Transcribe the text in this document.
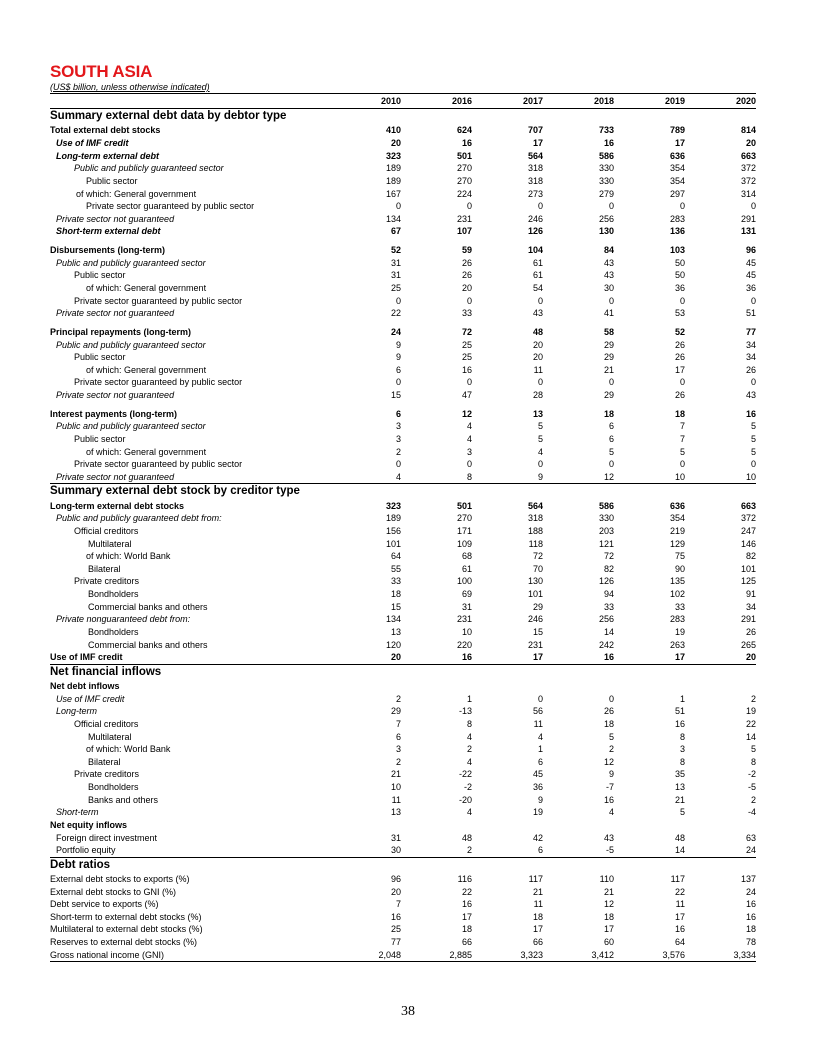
SOUTH ASIA
(US$ billion, unless otherwise indicated)
	2010	2016	2017	2018	2019	2020
Summary external debt data by debtor type						
Total external debt stocks	410	624	707	733	789	814
Use of IMF credit	20	16	17	16	17	20
Long-term external debt	323	501	564	586	636	663
Public and publicly guaranteed sector	189	270	318	330	354	372
Public sector	189	270	318	330	354	372
of which: General government	167	224	273	279	297	314
Private sector guaranteed by public sector	0	0	0	0	0	0
Private sector not guaranteed	134	231	246	256	283	291
Short-term external debt	67	107	126	130	136	131

Disbursements (long-term)	52	59	104	84	103	96
Public and publicly guaranteed sector	31	26	61	43	50	45
Public sector	31	26	61	43	50	45
of which: General government	25	20	54	30	36	36
Private sector guaranteed by public sector	0	0	0	0	0	0
Private sector not guaranteed	22	33	43	41	53	51

Principal repayments (long-term)	24	72	48	58	52	77
Public and publicly guaranteed sector	9	25	20	29	26	34
Public sector	9	25	20	29	26	34
of which: General government	6	16	11	21	17	26
Private sector guaranteed by public sector	0	0	0	0	0	0
Private sector not guaranteed	15	47	28	29	26	43

Interest payments (long-term)	6	12	13	18	18	16
Public and publicly guaranteed sector	3	4	5	6	7	5
Public sector	3	4	5	6	7	5
of which: General government	2	3	4	5	5	5
Private sector guaranteed by public sector	0	0	0	0	0	0
Private sector not guaranteed	4	8	9	12	10	10
Summary external debt stock by creditor type						
Long-term external debt stocks	323	501	564	586	636	663
Public and publicly guaranteed debt from:	189	270	318	330	354	372
Official creditors	156	171	188	203	219	247
Multilateral	101	109	118	121	129	146
of which: World Bank	64	68	72	72	75	82
Bilateral	55	61	70	82	90	101
Private creditors	33	100	130	126	135	125
Bondholders	18	69	101	94	102	91
Commercial banks and others	15	31	29	33	33	34
Private nonguaranteed debt from:	134	231	246	256	283	291
Bondholders	13	10	15	14	19	26
Commercial banks and others	120	220	231	242	263	265
Use of IMF credit	20	16	17	16	17	20
Net financial inflows						
Net debt inflows						
Use of IMF credit	2	1	0	0	1	2
Long-term	29	-13	56	26	51	19
Official creditors	7	8	11	18	16	22
Multilateral	6	4	4	5	8	14
of which: World Bank	3	2	1	2	3	5
Bilateral	2	4	6	12	8	8
Private creditors	21	-22	45	9	35	-2
Bondholders	10	-2	36	-7	13	-5
Banks and others	11	-20	9	16	21	2
Short-term	13	4	19	4	5	-4
Net equity inflows						
Foreign direct investment	31	48	42	43	48	63
Portfolio equity	30	2	6	-5	14	24
Debt ratios						
External debt stocks to exports (%)	96	116	117	110	117	137
External debt stocks to GNI (%)	20	22	21	21	22	24
Debt service to exports (%)	7	16	11	12	11	16
Short-term to external debt stocks (%)	16	17	18	18	17	16
Multilateral to external debt stocks (%)	25	18	17	17	16	18
Reserves to external debt stocks (%)	77	66	66	60	64	78
Gross national income (GNI)	2,048	2,885	3,323	3,412	3,576	3,334
38
